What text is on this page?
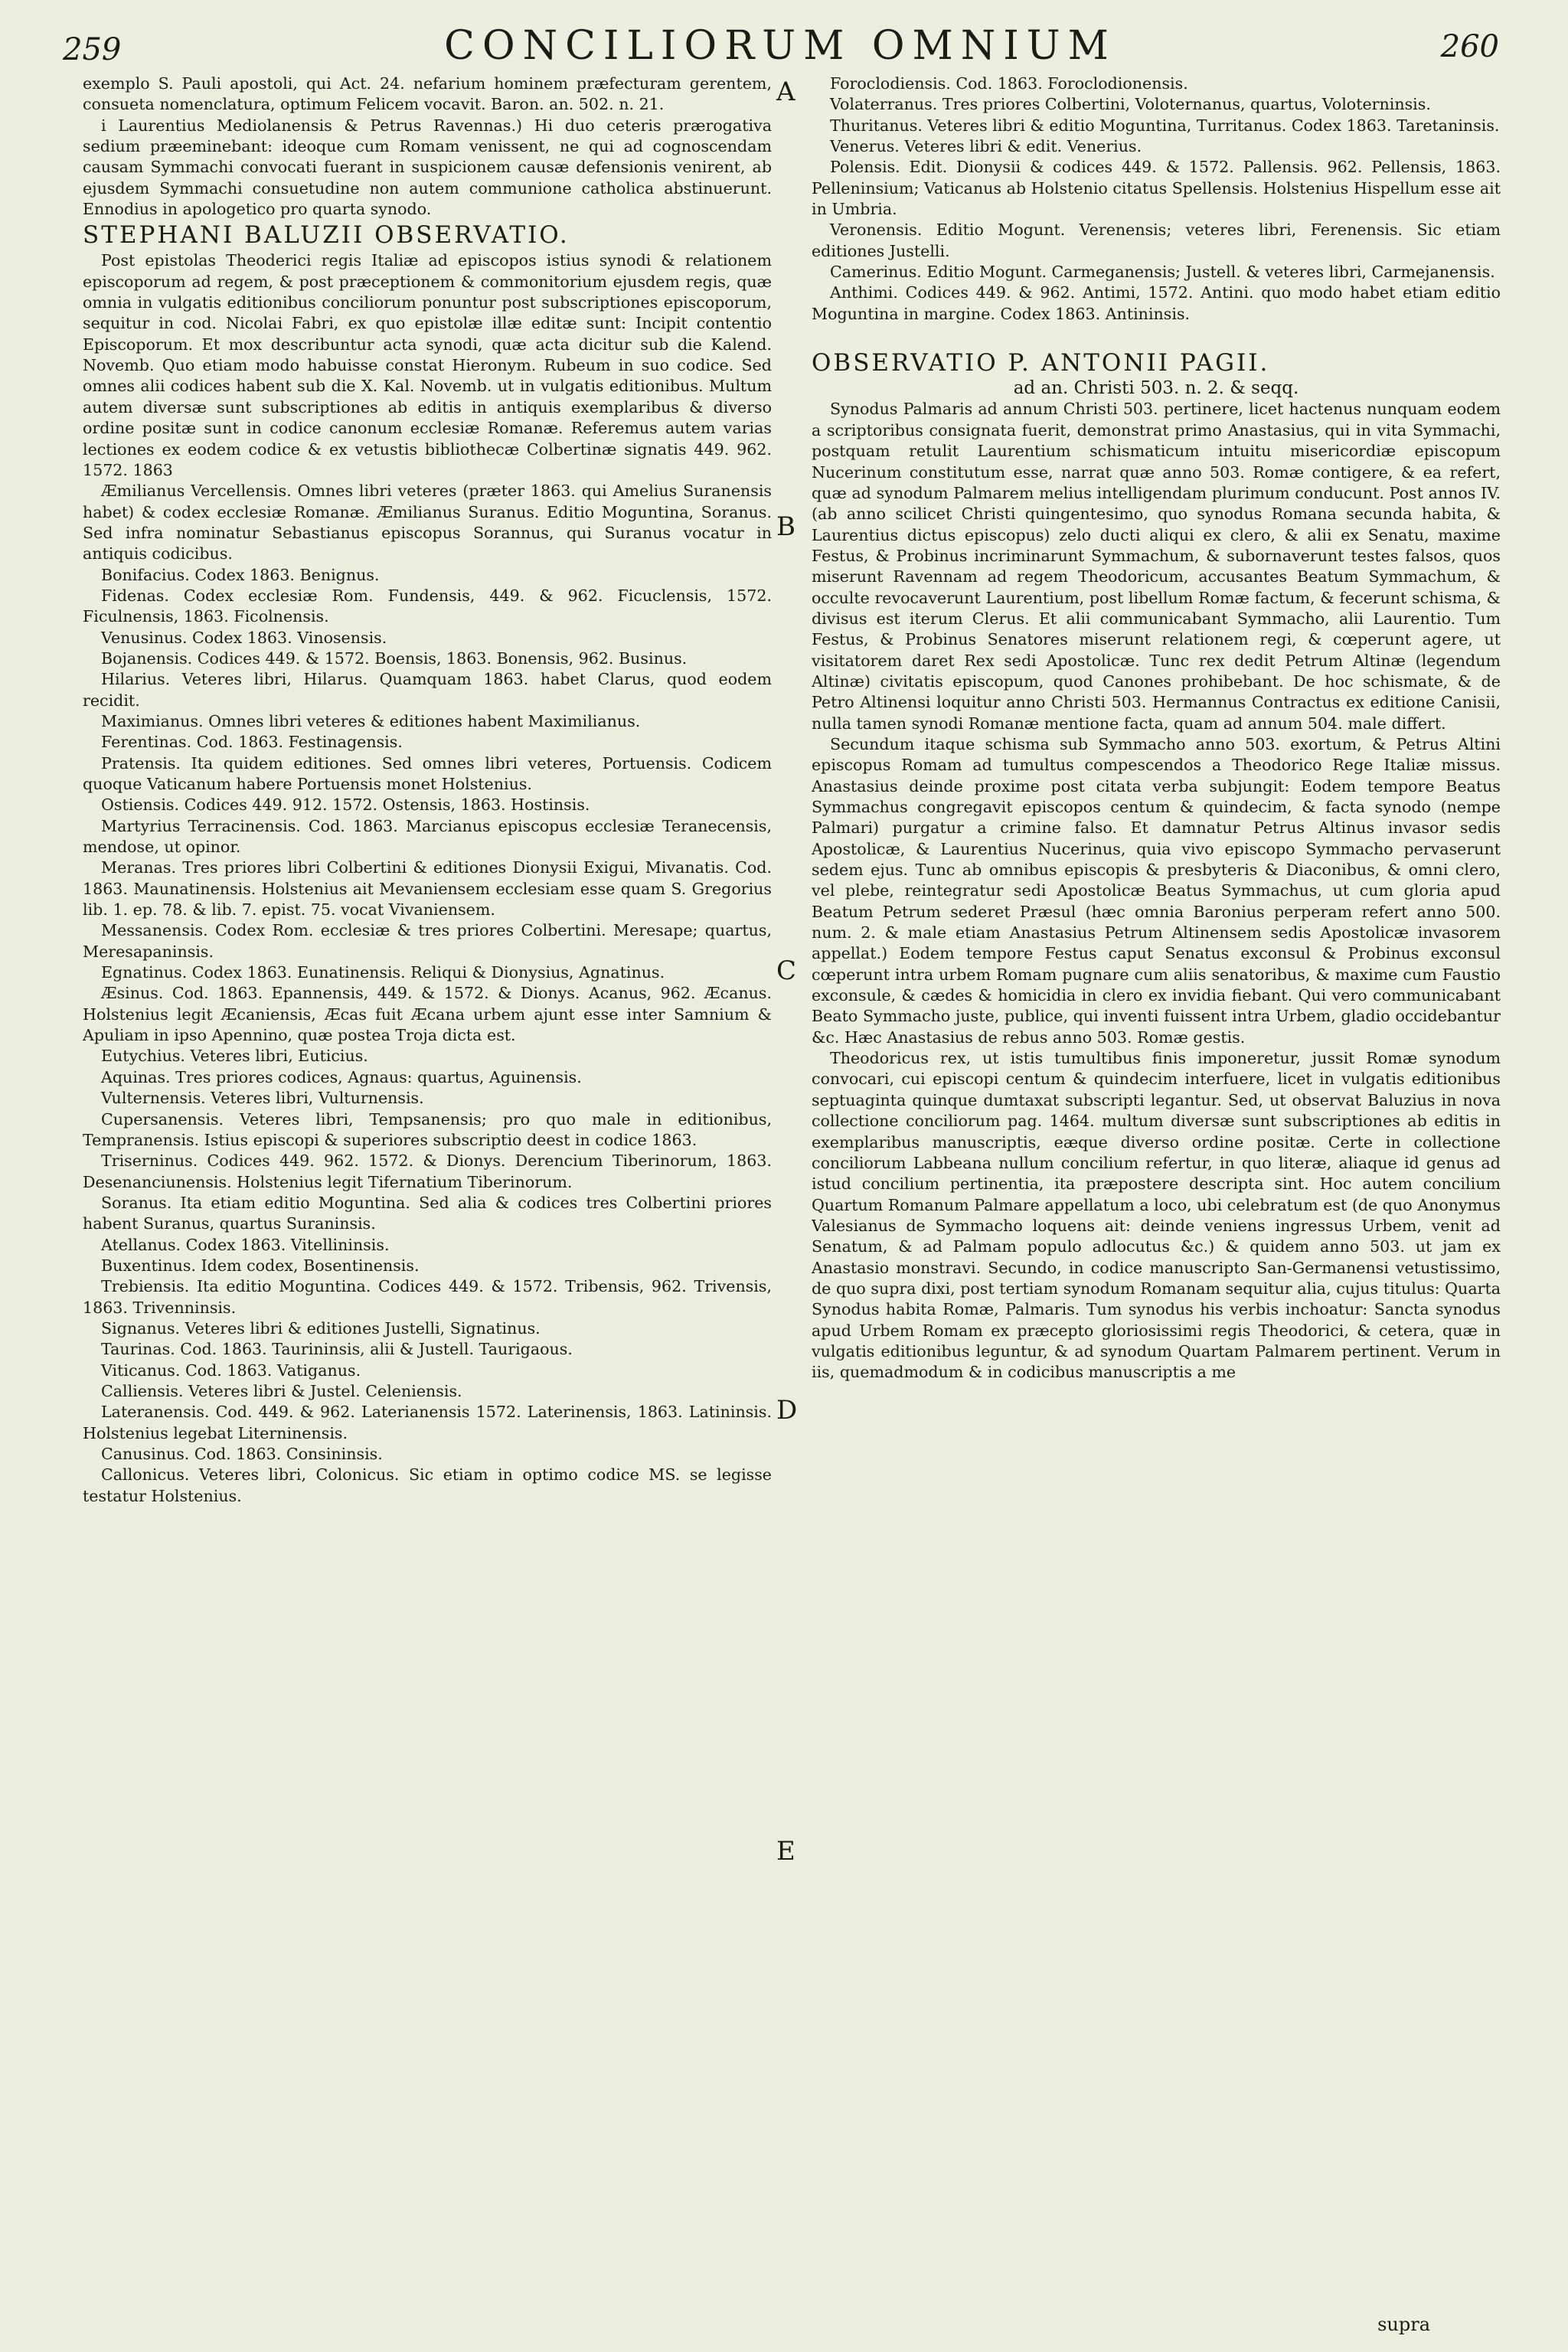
259	CONCILIORUM OMNIUM	260
A
B
C
D
E

exemplo S. Pauli apostoli, qui Act. 24. nefarium hominem præfecturam gerentem, consueta nomenclatura, optimum Felicem vocavit. Baron. an. 502. n. 21.

i Laurentius Mediolanensis & Petrus Ravennas.) Hi duo ceteris prærogativa sedium præeminebant: ideoque cum Romam venissent, ne qui ad cognoscendam causam Symmachi convocati fuerant in suspicionem causæ defensionis venirent, ab ejusdem Symmachi consuetudine non autem communione catholica abstinuerunt. Ennodius in apologetico pro quarta synodo.

STEPHANI BALUZII OBSERVATIO.

Post epistolas Theoderici regis Italiæ ad episcopos istius synodi & relationem episcoporum ad regem, & post præceptionem & commonitorium ejusdem regis, quæ omnia in vulgatis editionibus conciliorum ponuntur post subscriptiones episcoporum, sequitur in cod. Nicolai Fabri, ex quo epistolæ illæ editæ sunt: Incipit contentio Episcoporum. Et mox describuntur acta synodi, quæ acta dicitur sub die Kalend. Novemb. Quo etiam modo habuisse constat Hieronym. Rubeum in suo codice. Sed omnes alii codices habent sub die X. Kal. Novemb. ut in vulgatis editionibus. Multum autem diversæ sunt subscriptiones ab editis in antiquis exemplaribus & diverso ordine positæ sunt in codice canonum ecclesiæ Romanæ. Referemus autem varias lectiones ex eodem codice & ex vetustis bibliothecæ Colbertinæ signatis 449. 962. 1572. 1863

Æmilianus Vercellensis. Omnes libri veteres (præter 1863. qui Amelius Suranensis habet) & codex ecclesiæ Romanæ. Æmilianus Suranus. Editio Moguntina, Soranus. Sed infra nominatur Sebastianus episcopus Sorannus, qui Suranus vocatur in antiquis codicibus.

Bonifacius. Codex 1863. Benignus.

Fidenas. Codex ecclesiæ Rom. Fundensis, 449. & 962. Ficuclensis, 1572. Ficulnensis, 1863. Ficolnensis.

Venusinus. Codex 1863. Vinosensis.

Bojanensis. Codices 449. & 1572. Boensis, 1863. Bonensis, 962. Businus.

Hilarius. Veteres libri, Hilarus. Quamquam 1863. habet Clarus, quod eodem recidit.

Maximianus. Omnes libri veteres & editiones habent Maximilianus.

Ferentinas. Cod. 1863. Festinagensis.

Pratensis. Ita quidem editiones. Sed omnes libri veteres, Portuensis. Codicem quoque Vaticanum habere Portuensis monet Holstenius.

Ostiensis. Codices 449. 912. 1572. Ostensis, 1863. Hostinsis.

Martyrius Terracinensis. Cod. 1863. Marcianus episcopus ecclesiæ Teranecensis, mendose, ut opinor.

Meranas. Tres priores libri Colbertini & editiones Dionysii Exigui, Mivanatis. Cod. 1863. Maunatinensis. Holstenius ait Mevaniensem ecclesiam esse quam S. Gregorius lib. 1. ep. 78. & lib. 7. epist. 75. vocat Vivaniensem.

Messanensis. Codex Rom. ecclesiæ & tres priores Colbertini. Meresape; quartus, Meresapaninsis.

Egnatinus. Codex 1863. Eunatinensis. Reliqui & Dionysius, Agnatinus.

Æsinus. Cod. 1863. Epannensis, 449. & 1572. & Dionys. Acanus, 962. Æcanus. Holstenius legit Æcaniensis, Æcas fuit Æcana urbem ajunt esse inter Samnium & Apuliam in ipso Apennino, quæ postea Troja dicta est.

Eutychius. Veteres libri, Euticius.

Aquinas. Tres priores codices, Agnaus: quartus, Aguinensis.

Vulternensis. Veteres libri, Vulturnensis.

Cupersanensis. Veteres libri, Tempsanensis; pro quo male in editionibus, Tempranensis. Istius episcopi & superiores subscriptio deest in codice 1863.

Triserninus. Codices 449. 962. 1572. & Dionys. Derencium Tiberinorum, 1863. Desenanciunensis. Holstenius legit Tifernatium Tiberinorum.

Soranus. Ita etiam editio Moguntina. Sed alia & codices tres Colbertini priores habent Suranus, quartus Suraninsis.

Atellanus. Codex 1863. Vitellininsis.

Buxentinus. Idem codex, Bosentinensis.

Trebiensis. Ita editio Moguntina. Codices 449. & 1572. Tribensis, 962. Trivensis, 1863. Trivenninsis.

Signanus. Veteres libri & editiones Justelli, Signatinus.

Taurinas. Cod. 1863. Taurininsis, alii & Justell. Taurigaous.

Viticanus. Cod. 1863. Vatiganus.

Calliensis. Veteres libri & Justel. Celeniensis.

Lateranensis. Cod. 449. & 962. Laterianensis 1572. Laterinensis, 1863. Latininsis. Holstenius legebat Literninensis.

Canusinus. Cod. 1863. Consininsis.

Callonicus. Veteres libri, Colonicus. Sic etiam in optimo codice MS. se legisse testatur Holstenius.

Foroclodiensis. Cod. 1863. Foroclodionensis.

Volaterranus. Tres priores Colbertini, Voloternanus, quartus, Voloterninsis.

Thuritanus. Veteres libri & editio Moguntina, Turritanus. Codex 1863. Taretaninsis.

Venerus. Veteres libri & edit. Venerius.

Polensis. Edit. Dionysii & codices 449. & 1572. Pallensis. 962. Pellensis, 1863. Pelleninsium; Vaticanus ab Holstenio citatus Spellensis. Holstenius Hispellum esse ait in Umbria.

Veronensis. Editio Mogunt. Verenensis; veteres libri, Ferenensis. Sic etiam editiones Justelli.

Camerinus. Editio Mogunt. Carmeganensis; Justell. & veteres libri, Carmejanensis.

Anthimi. Codices 449. & 962. Antimi, 1572. Antini. quo modo habet etiam editio Moguntina in margine. Codex 1863. Antininsis.

OBSERVATIO P. ANTONII PAGII.

ad an. Christi 503. n. 2. & seqq.

Synodus Palmaris ad annum Christi 503. pertinere, licet hactenus nunquam eodem a scriptoribus consignata fuerit, demonstrat primo Anastasius, qui in vita Symmachi, postquam retulit Laurentium schismaticum intuitu misericordiæ episcopum Nucerinum constitutum esse, narrat quæ anno 503. Romæ contigere, & ea refert, quæ ad synodum Palmarem melius intelligendam plurimum conducunt. Post annos IV. (ab anno scilicet Christi quingentesimo, quo synodus Romana secunda habita, & Laurentius dictus episcopus) zelo ducti aliqui ex clero, & alii ex Senatu, maxime Festus, & Probinus incriminarunt Symmachum, & subornaverunt testes falsos, quos miserunt Ravennam ad regem Theodoricum, accusantes Beatum Symmachum, & occulte revocaverunt Laurentium, post libellum Romæ factum, & fecerunt schisma, & divisus est iterum Clerus. Et alii communicabant Symmacho, alii Laurentio. Tum Festus, & Probinus Senatores miserunt relationem regi, & cœperunt agere, ut visitatorem daret Rex sedi Apostolicæ. Tunc rex dedit Petrum Altinæ (legendum Altinæ) civitatis episcopum, quod Canones prohibebant. De hoc schismate, & de Petro Altinensi loquitur anno Christi 503. Hermannus Contractus ex editione Canisii, nulla tamen synodi Romanæ mentione facta, quam ad annum 504. male differt.

Secundum itaque schisma sub Symmacho anno 503. exortum, & Petrus Altini episcopus Romam ad tumultus compescendos a Theodorico Rege Italiæ missus. Anastasius deinde proxime post citata verba subjungit: Eodem tempore Beatus Symmachus congregavit episcopos centum & quindecim, & facta synodo (nempe Palmari) purgatur a crimine falso. Et damnatur Petrus Altinus invasor sedis Apostolicæ, & Laurentius Nucerinus, quia vivo episcopo Symmacho pervaserunt sedem ejus. Tunc ab omnibus episcopis & presbyteris & Diaconibus, & omni clero, vel plebe, reintegratur sedi Apostolicæ Beatus Symmachus, ut cum gloria apud Beatum Petrum sederet Præsul (hæc omnia Baronius perperam refert anno 500. num. 2. & male etiam Anastasius Petrum Altinensem sedis Apostolicæ invasorem appellat.) Eodem tempore Festus caput Senatus exconsul & Probinus exconsul cœperunt intra urbem Romam pugnare cum aliis senatoribus, & maxime cum Faustio exconsule, & cædes & homicidia in clero ex invidia fiebant. Qui vero communicabant Beato Symmacho juste, publice, qui inventi fuissent intra Urbem, gladio occidebantur &c. Hæc Anastasius de rebus anno 503. Romæ gestis.

Theodoricus rex, ut istis tumultibus finis imponeretur, jussit Romæ synodum convocari, cui episcopi centum & quindecim interfuere, licet in vulgatis editionibus septuaginta quinque dumtaxat subscripti legantur. Sed, ut observat Baluzius in nova collectione conciliorum pag. 1464. multum diversæ sunt subscriptiones ab editis in exemplaribus manuscriptis, eæque diverso ordine positæ. Certe in collectione conciliorum Labbeana nullum concilium refertur, in quo literæ, aliaque id genus ad istud concilium pertinentia, ita præpostere descripta sint. Hoc autem concilium Quartum Romanum Palmare appellatum a loco, ubi celebratum est (de quo Anonymus Valesianus de Symmacho loquens ait: deinde veniens ingressus Urbem, venit ad Senatum, & ad Palmam populo adlocutus &c.) & quidem anno 503. ut jam ex Anastasio monstravi. Secundo, in codice manuscripto San-Germanensi vetustissimo, de quo supra dixi, post tertiam synodum Romanam sequitur alia, cujus titulus: Quarta Synodus habita Romæ, Palmaris. Tum synodus his verbis inchoatur: Sancta synodus apud Urbem Romam ex præcepto gloriosissimi regis Theodorici, & cetera, quæ in vulgatis editionibus leguntur, & ad synodum Quartam Palmarem pertinent. Verum in iis, quemadmodum & in codicibus manuscriptis a me

supra
